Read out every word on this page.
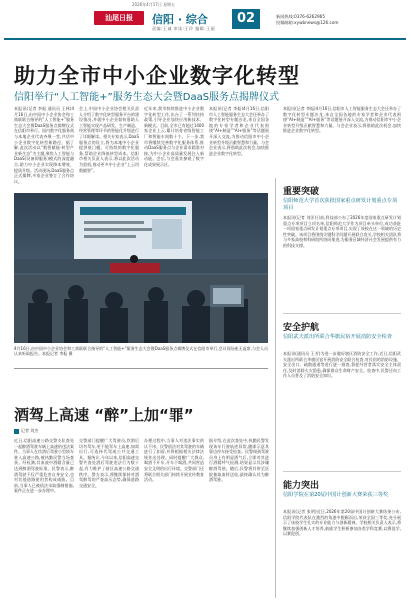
2026年4月17日 星期五
汕尾日报	信阳 · 综合
责编:王诚 审读:王玲 编辑:王丽
02	新闻热线:0376-6262965
投稿邮箱:xywbnews@126.com
助力全市中小企业数字化转型
信阳举行“人工智能+”服务生态大会暨DaaS服务点揭牌仪式
本报讯(记者 李振 通讯员 王林)4月16日,由中国中小企业协会和工商联联合指导的“人工智能+”服务生态大会暨DaaS服务点揭牌仪式在信阳市举行。国内数字化服务商与本地企业代表齐聚一堂,共话中小企业数字化转型新路径。据了解,此次活动以“数智赋能·转型产业新生态”为主题,聚焦人工智能与DaaS(设备即服务)模式的深度融合,助力中小企业实现降本增效、提质升级。活动现场,DaaS服务点正式揭牌,多家企业签订了合作协议。
会上,中国中小企业协会相关负责人介绍了数字化转型服务平台的建设情况,并就中小企业如何借助人工智能实现产品研发、生产制造、经营管理等环节的智能化升级进行了详细解读。相关专家表示,DaaS服务点的设立,将为本地中小企业提供低门槛、可持续的数字化服务,帮助企业降低转型成本。信阳市相关负责人表示,将以此次活动为契机,推动更多中小企业“上云用数赋智”。
近年来,我市持续推进中小企业数字化转型工作,出台了一系列扶持政策,引导企业加快应用新技术、新模式。目前,全市已有超过1400家企业上云,累计培育省级智能工厂和智能车间数十个。下一步,我市将继续完善数字化服务体系,推动DaaS服务点与企业需求精准对接,为中小企业高质量发展注入新动能。会后,与会嘉宾参观了数字化成果展示区。
本报讯(记者 李振)4月16日,信阳市人工智能服务生态大会还举办了数字化转型专题沙龙,来自全国各地的专家学者和企业代表围绕“AI+制造”“AI+服务”等话题展开深入交流,为推动信阳市中小企业转型升级贡献智慧和力量。与会企业表示,将借助此次机会,加快推进企业数字化转型。
本报讯(记者 李振)4月16日,信阳市人工智能服务生态大会还举办了数字化转型专题沙龙,来自全国各地的专家学者和企业代表围绕“AI+制造”“AI+服务”等话题展开深入交流,为推动信阳市中小企业转型升级贡献智慧和力量。与会企业表示,将借助此次机会,加快推进企业数字化转型。
4月16日,由中国中小企业协会和工商联联合指导的“人工智能+”服务生态大会暨DaaS服务点揭牌仪式在信阳市举行,会议现场座无虚席,与会人员认真听取报告。本报记者 李振 摄
重要突破
信阳师范大学首次获批国家重点研发计划重点专项项目
本报讯(记者 刘洋)日前,科技部公布了2026年度国家重点研发计划重点专项项目立项名单,信阳师范大学作为项目牵头单位,成功获批一项国家重点研发计划重点专项项目,实现了该校在这一领域的历史性突破。该项目将围绕关键科学问题开展联合攻关,学校相关团队将与多家高校和科研院所协同推进,为服务区域经济社会发展提供有力的科技支撑。
安全护航
信阳武夫派出所联合华旗民宿开展消防安全检查
本报讯(通讯员 王芳)为进一步做好辖区消防安全工作,近日,信阳武夫派出所联合华旗民宿开展消防安全联合检查,对民宿的消防设施、安全出口、疏散通道等进行逐一排查,督促经营者落实安全主体责任,及时消除火灾隐患,确保群众生命财产安全。检查中,民警还向工作人员普及了消防安全知识。
能力突出
信阳学院在第20届中国计创新大赛荣获三等奖
本报讯(记者 张明)近日,2026年第20届中国计创新大赛结果公布,信阳学院代表队在激烈的角逐中脱颖而出,荣获全国三等奖,充分展示了该校学生扎实的专业能力与创新精神。学校相关负责人表示,将继续加强创新人才培养,鼓励学生积极参加各类学科竞赛,以赛促学,以赛促创。
酒驾上高速 “醉”上加“罪”
记者 刘杰
近日,信阳高速公路交警支队查处一起醉酒驾驶车辆上高速的违法案件。当事人在饮酒后驾驶小型轿车驶入高速公路,被执勤民警当场查获。经检测,其血液中酒精含量已达到醉酒驾驶标准。民警表示,醉酒驾驶不仅严重危害自身安全,也对其他道路使用者构成威胁。目前,当事人已被依法采取强制措施,案件正在进一步办理中。
交警部门提醒广大驾驶员,饮酒后切勿驾车,更不能驾车上高速,如需出行,可选择代驾或公共交通工具。据统计,今年以来,信阳高速交警共查处酒后驾驶违法行为数十起,有力维护了辖区高速公路交通秩序。警方表示,将继续保持对酒驾醉驾的严查高压态势,确保道路交通安全。
办理过程中,当事人对违法事实供认不讳。民警依法对其驾驶的车辆进行了扣留,并将根据相关法律法规作出处理。同时提醒广大群众,喝酒不开车,开车不喝酒,共同营造安全文明的出行环境。交警部门还将联合相关部门持续开展宣传教育活动。
据介绍,在此次查处中,执勤民警发现该车行驶轨迹异常,随即示意其靠边停车接受检查。民警闻到驾驶员身上有明显酒气后,立即对其进行酒精呼气检测,结果显示其涉嫌醉酒驾驶。随后,民警将其带至医院抽取血样送检,最终确认其为醉酒驾驶。
